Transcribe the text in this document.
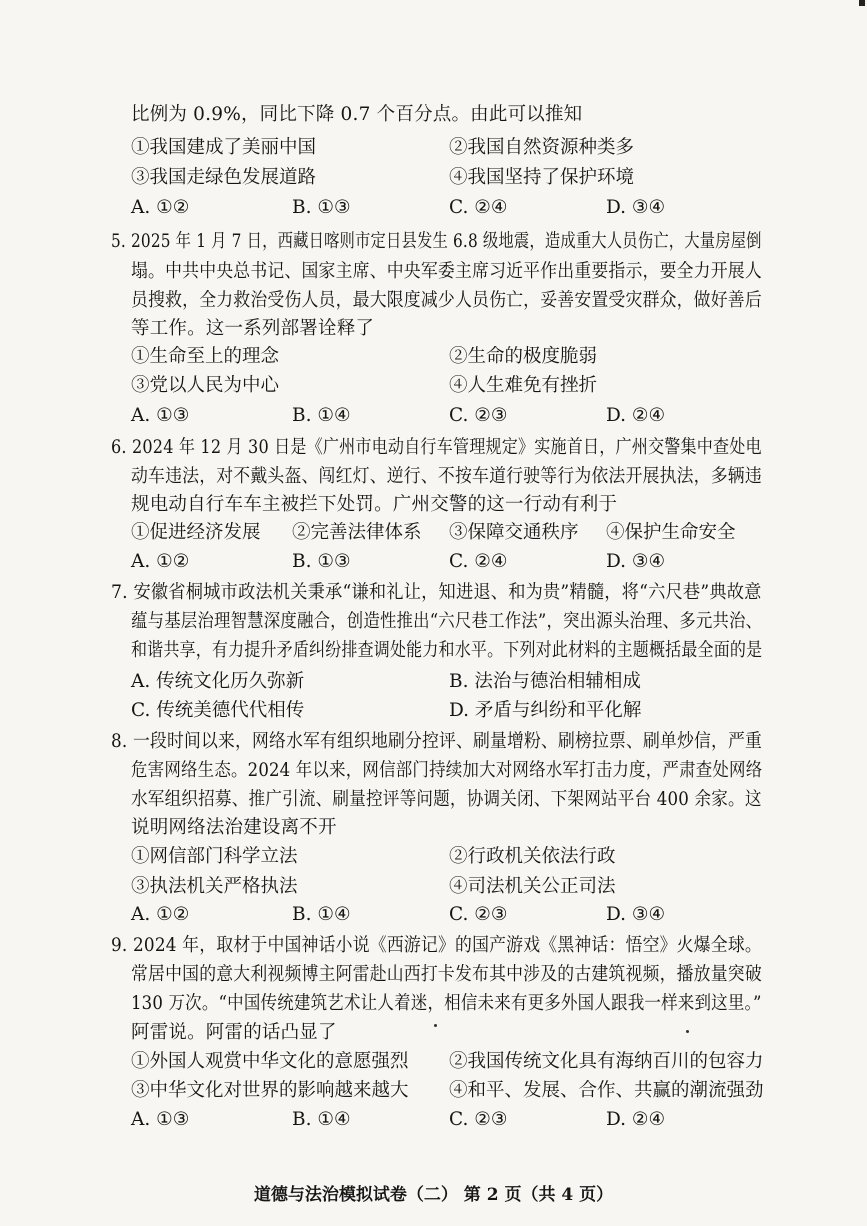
比例为 0.9%，同比下降 0.7 个百分点。由此可以推知
①我国建成了美丽中国	②我国自然资源种类多
③我国走绿色发展道路	④我国坚持了保护环境
A. ①②	B. ①③	C. ②④	D. ③④
5. 2025 年 1 月 7 日，西藏日喀则市定日县发生 6.8 级地震，造成重大人员伤亡，大量房屋倒
塌。中共中央总书记、国家主席、中央军委主席习近平作出重要指示，要全力开展人
员搜救，全力救治受伤人员，最大限度减少人员伤亡，妥善安置受灾群众，做好善后
等工作。这一系列部署诠释了
①生命至上的理念	②生命的极度脆弱
③党以人民为中心	④人生难免有挫折
A. ①③	B. ①④	C. ②③	D. ②④
6. 2024 年 12 月 30 日是《广州市电动自行车管理规定》实施首日，广州交警集中查处电
动车违法，对不戴头盔、闯红灯、逆行、不按车道行驶等行为依法开展执法，多辆违
规电动自行车车主被拦下处罚。广州交警的这一行动有利于
①促进经济发展 ②完善法律体系 ③保障交通秩序 ④保护生命安全
A. ①②	B. ①③	C. ②④	D. ③④
7. 安徽省桐城市政法机关秉承“谦和礼让，知进退、和为贵”精髓，将“六尺巷”典故意
蕴与基层治理智慧深度融合，创造性推出“六尺巷工作法”，突出源头治理、多元共治、
和谐共享，有力提升矛盾纠纷排查调处能力和水平。下列对此材料的主题概括最全面的是
A. 传统文化历久弥新	B. 法治与德治相辅相成
C. 传统美德代代相传	D. 矛盾与纠纷和平化解
8. 一段时间以来，网络水军有组织地刷分控评、刷量增粉、刷榜拉票、刷单炒信，严重
危害网络生态。2024 年以来，网信部门持续加大对网络水军打击力度，严肃查处网络
水军组织招募、推广引流、刷量控评等问题，协调关闭、下架网站平台 400 余家。这
说明网络法治建设离不开
①网信部门科学立法	②行政机关依法行政
③执法机关严格执法	④司法机关公正司法
A. ①②	B. ①④	C. ②③	D. ③④
9. 2024 年，取材于中国神话小说《西游记》的国产游戏《黑神话：悟空》火爆全球。
常居中国的意大利视频博主阿雷赴山西打卡发布其中涉及的古建筑视频，播放量突破
130 万次。“中国传统建筑艺术让人着迷，相信未来有更多外国人跟我一样来到这里。”
阿雷说。阿雷的话凸显了
①外国人观赏中华文化的意愿强烈 ②我国传统文化具有海纳百川的包容力
③中华文化对世界的影响越来越大 ④和平、发展、合作、共赢的潮流强劲
A. ①③	B. ①④	C. ②③	D. ②④
道德与法治模拟试卷（二） 第 2 页（共 4 页）
